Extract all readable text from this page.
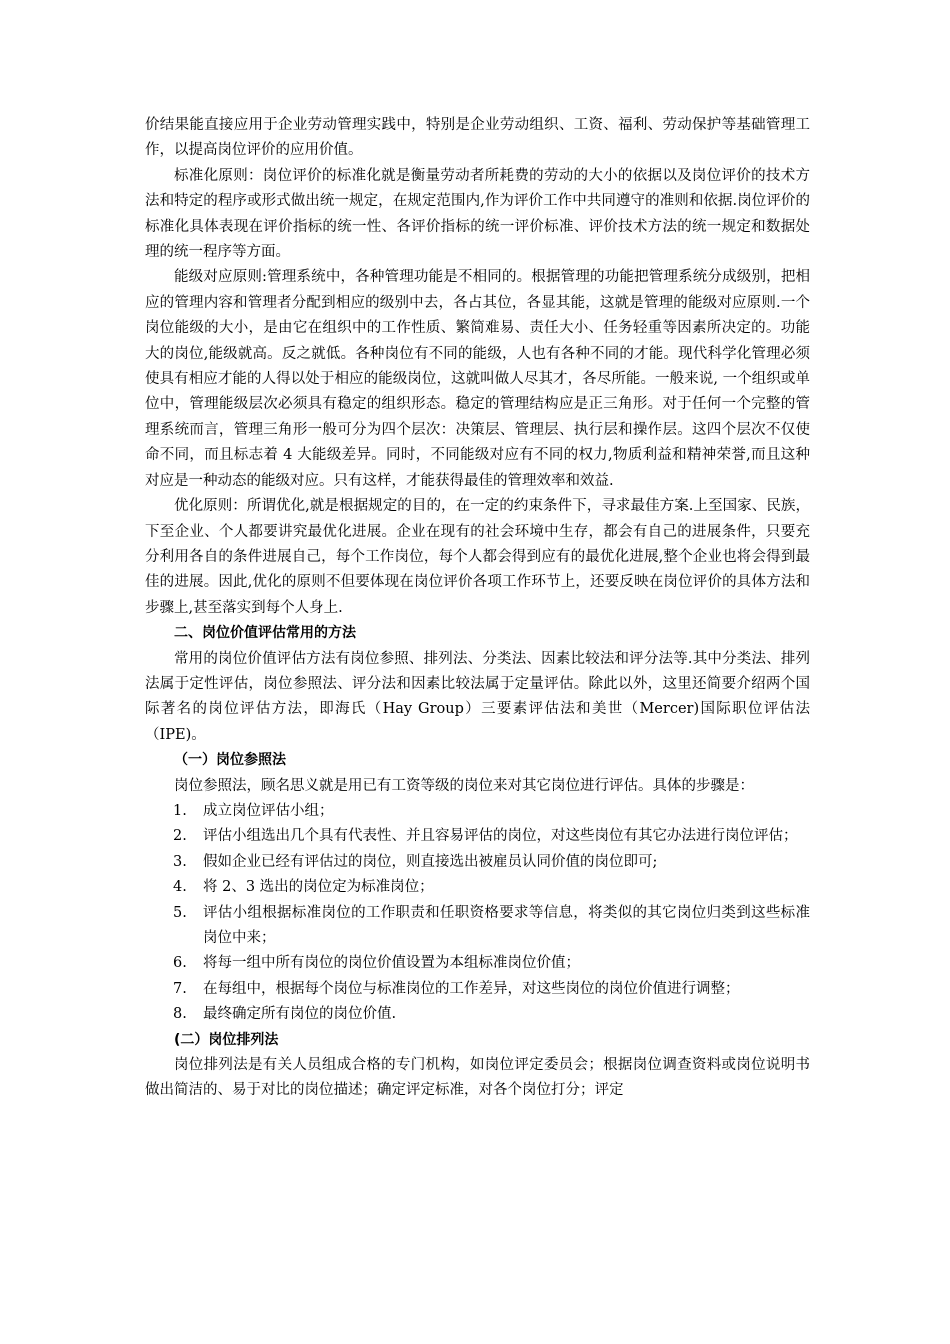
价结果能直接应用于企业劳动管理实践中，特别是企业劳动组织、工资、福利、劳动保护等基础管理工作，以提高岗位评价的应用价值。

标准化原则：岗位评价的标准化就是衡量劳动者所耗费的劳动的大小的依据以及岗位评价的技术方法和特定的程序或形式做出统一规定，在规定范围内,作为评价工作中共同遵守的准则和依据.岗位评价的标准化具体表现在评价指标的统一性、各评价指标的统一评价标准、评价技术方法的统一规定和数据处理的统一程序等方面。

能级对应原则:管理系统中，各种管理功能是不相同的。根据管理的功能把管理系统分成级别，把相应的管理内容和管理者分配到相应的级别中去，各占其位，各显其能，这就是管理的能级对应原则.一个岗位能级的大小，是由它在组织中的工作性质、繁简难易、责任大小、任务轻重等因素所决定的。功能大的岗位,能级就高。反之就低。各种岗位有不同的能级，人也有各种不同的才能。现代科学化管理必须使具有相应才能的人得以处于相应的能级岗位，这就叫做人尽其才，各尽所能。一般来说, 一个组织或单位中，管理能级层次必须具有稳定的组织形态。稳定的管理结构应是正三角形。对于任何一个完整的管理系统而言，管理三角形一般可分为四个层次：决策层、管理层、执行层和操作层。这四个层次不仅使命不同，而且标志着 4 大能级差异。同时，不同能级对应有不同的权力,物质利益和精神荣誉,而且这种对应是一种动态的能级对应。只有这样，才能获得最佳的管理效率和效益.

优化原则：所谓优化,就是根据规定的目的，在一定的约束条件下，寻求最佳方案.上至国家、民族，下至企业、个人都要讲究最优化进展。企业在现有的社会环境中生存，都会有自己的进展条件，只要充分利用各自的条件进展自己，每个工作岗位，每个人都会得到应有的最优化进展,整个企业也将会得到最佳的进展。因此,优化的原则不但要体现在岗位评价各项工作环节上，还要反映在岗位评价的具体方法和步骤上,甚至落实到每个人身上.

二、岗位价值评估常用的方法

常用的岗位价值评估方法有岗位参照、排列法、分类法、因素比较法和评分法等.其中分类法、排列法属于定性评估，岗位参照法、评分法和因素比较法属于定量评估。除此以外，这里还简要介绍两个国际著名的岗位评估方法，即海氏（Hay Group）三要素评估法和美世（Mercer)国际职位评估法（IPE)。

（一）岗位参照法

岗位参照法，顾名思义就是用已有工资等级的岗位来对其它岗位进行评估。具体的步骤是：

1. 成立岗位评估小组；
2. 评估小组选出几个具有代表性、并且容易评估的岗位，对这些岗位有其它办法进行岗位评估；
3. 假如企业已经有评估过的岗位，则直接选出被雇员认同价值的岗位即可;
4. 将 2、3 选出的岗位定为标准岗位；
5. 评估小组根据标准岗位的工作职责和任职资格要求等信息，将类似的其它岗位归类到这些标准岗位中来；
6. 将每一组中所有岗位的岗位价值设置为本组标准岗位价值；
7. 在每组中，根据每个岗位与标准岗位的工作差异，对这些岗位的岗位价值进行调整；
8. 最终确定所有岗位的岗位价值.

(二）岗位排列法

岗位排列法是有关人员组成合格的专门机构，如岗位评定委员会；根据岗位调查资料或岗位说明书做出简洁的、易于对比的岗位描述；确定评定标准，对各个岗位打分；评定
